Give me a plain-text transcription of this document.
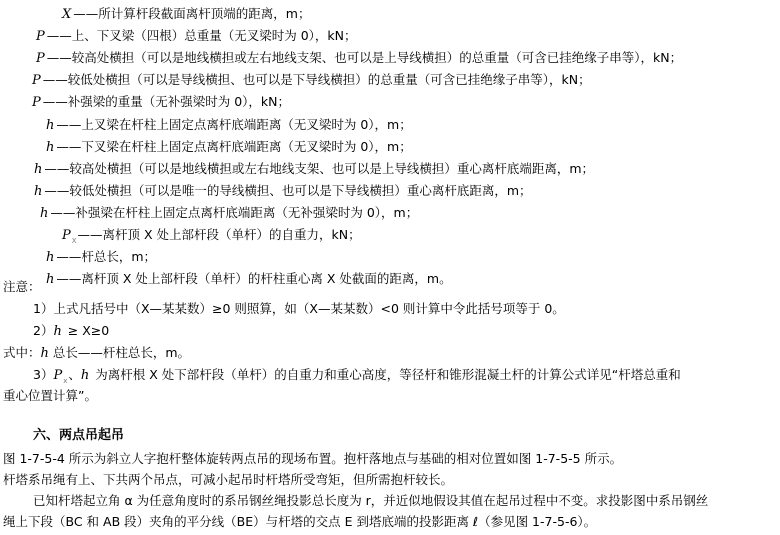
X ——所计算杆段截面离杆顶端的距离，m；
P ——上、下叉梁（四根）总重量（无叉梁时为 0），kN；
P ——较高处横担（可以是地线横担或左右地线支架、也可以是上导线横担）的总重量（可含已挂绝缘子串等），kN；
P ——较低处横担（可以是导线横担、也可以是下导线横担）的总重量（可含已挂绝缘子串等），kN；
P ——补强梁的重量（无补强梁时为 0），kN；
h ——上叉梁在杆柱上固定点离杆底端距离（无叉梁时为 0），m；
h ——下叉梁在杆柱上固定点离杆底端距离（无叉梁时为 0），m；
h ——较高处横担（可以是地线横担或左右地线支架、也可以是上导线横担）重心离杆底端距离，m；
h ——较低处横担（可以是唯一的导线横担、也可以是下导线横担）重心离杆底距离，m；
h ——补强梁在杆柱上固定点离杆底端距离（无补强梁时为 0），m；
$P_X——$离杆顶 X 处上部杆段（单杆）的自重力，kN；
h ——杆总长，m；
h ——离杆顶 X 处上部杆段（单杆）的杆柱重心离 X 处截面的距离，m。
注意：
1）上式凡括号中（X—某某数）≥0 则照算，如（X—某某数）<0 则计算中令此括号项等于 0。
2）h ≥ X≥0
式中：h 总长——杆柱总长，m。
$3)P_x$、h 为离杆根 X 处下部杆段（单杆）的自重力和重心高度，等径杆和锥形混凝土杆的计算公式详见“杆塔总重和
重心位置计算”。
六、两点吊起吊
图 1-7-5-4 所示为斜立人字抱杆整体旋转两点吊的现场布置。抱杆落地点与基础的相对位置如图 1-7-5-5 所示。
杆塔系吊绳有上、下共两个吊点，可减小起吊时杆塔所受弯矩，但所需抱杆较长。
已知杆塔起立角 α 为任意角度时的系吊钢丝绳投影总长度为 r，并近似地假设其值在起吊过程中不变。求投影图中系吊钢丝
绳上下段（BC 和 AB 段）夹角的平分线（BE）与杆塔的交点 E 到塔底端的投影距离 ℓ（参见图 1-7-5-6）。
